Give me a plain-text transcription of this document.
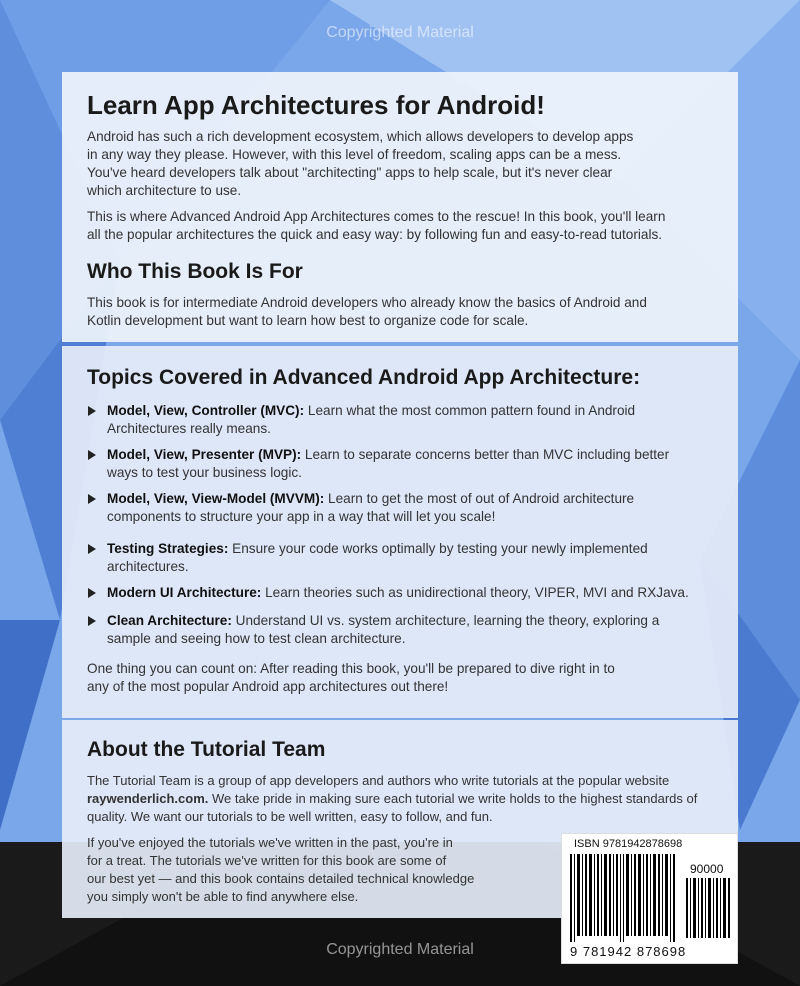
Copyrighted Material
Learn App Architectures for Android!

Android has such a rich development ecosystem, which allows developers to develop apps

in any way they please. However, with this level of freedom, scaling apps can be a mess.

You've heard developers talk about "architecting" apps to help scale, but it's never clear

which architecture to use.

This is where Advanced Android App Architectures comes to the rescue! In this book, you'll learn

all the popular architectures the quick and easy way: by following fun and easy-to-read tutorials.

Who This Book Is For

This book is for intermediate Android developers who already know the basics of Android and

Kotlin development but want to learn how best to organize code for scale.

Topics Covered in Advanced Android App Architecture:
Model, View, Controller (MVC): Learn what the most common pattern found in Android
Architectures really means.
Model, View, Presenter (MVP): Learn to separate concerns better than MVC including better
ways to test your business logic.
Model, View, View-Model (MVVM): Learn to get the most of out of Android architecture
components to structure your app in a way that will let you scale!
Testing Strategies: Ensure your code works optimally by testing your newly implemented
architectures.
Modern UI Architecture: Learn theories such as unidirectional theory, VIPER, MVI and RXJava.
Clean Architecture: Understand UI vs. system architecture, learning the theory, exploring a
sample and seeing how to test clean architecture.

One thing you can count on: After reading this book, you'll be prepared to dive right in to

any of the most popular Android app architectures out there!

About the Tutorial Team

The Tutorial Team is a group of app developers and authors who write tutorials at the popular website

raywenderlich.com. We take pride in making sure each tutorial we write holds to the highest standards of

quality. We want our tutorials to be well written, easy to follow, and fun.

If you've enjoyed the tutorials we've written in the past, you're in

for a treat. The tutorials we've written for this book are some of

our best yet — and this book contains detailed technical knowledge

you simply won't be able to find anywhere else.

Copyrighted Material
ISBN 9781942878698
90000
9 781942 878698
